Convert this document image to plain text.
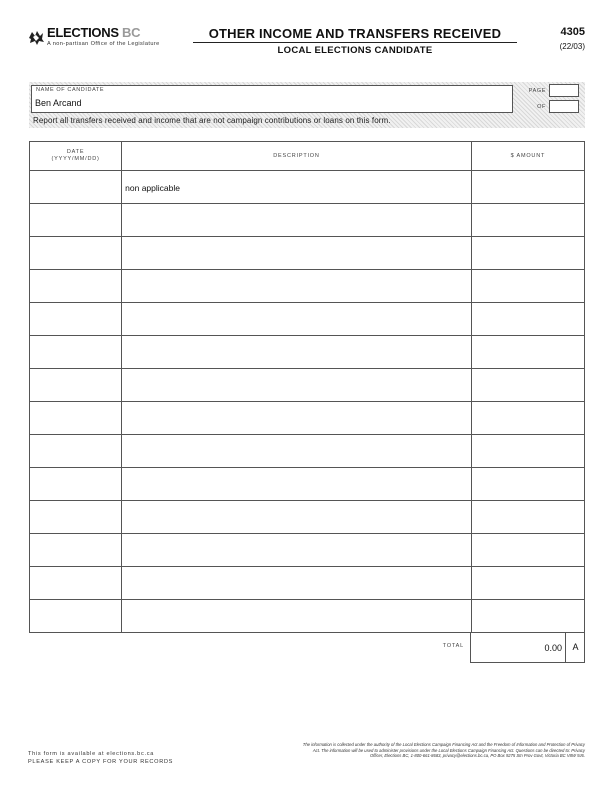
ELECTIONS BC
A non-partisan Office of the Legislature
OTHER INCOME AND TRANSFERS RECEIVED
LOCAL ELECTIONS CANDIDATE
4305
(22/03)
NAME OF CANDIDATE
Ben Arcand
PAGE
OF
Report all transfers received and income that are not campaign contributions or loans on this form.
DATE
(YYYY/MM/DD)	DESCRIPTION	$ AMOUNT

	non applicable	

TOTAL	0.00	A
This form is available at elections.bc.ca
PLEASE KEEP A COPY FOR YOUR RECORDS
The information is collected under the authority of the Local Elections Campaign Financing Act and the Freedom of Information and Protection of Privacy Act. The information will be used to administer provisions under the Local Elections Campaign Financing Act. Questions can be directed to: Privacy Officer, Elections BC, 1-800-661-8683, privacy@elections.bc.ca, PO Box 9275 Stn Prov Govt, Victoria BC V8W 9J6.
